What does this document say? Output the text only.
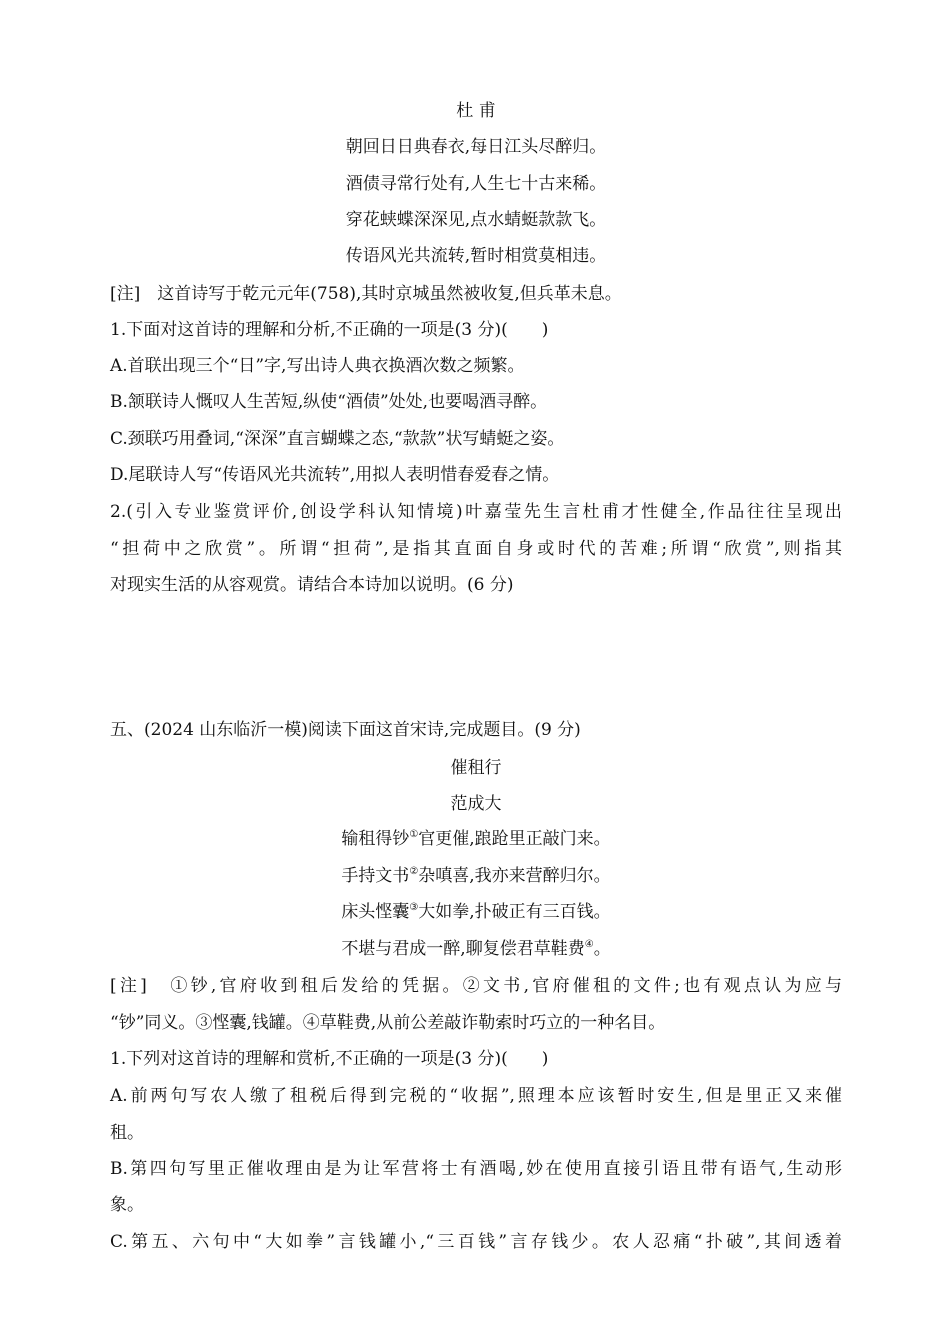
杜 甫
朝回日日典春衣,每日江头尽醉归。
酒债寻常行处有,人生七十古来稀。
穿花蛱蝶深深见,点水蜻蜓款款飞。
传语风光共流转,暂时相赏莫相违。
[注]　这首诗写于乾元元年(758),其时京城虽然被收复,但兵革未息。
1.下面对这首诗的理解和分析,不正确的一项是(3 分)(　　)
A.首联出现三个“日”字,写出诗人典衣换酒次数之频繁。
B.颔联诗人慨叹人生苦短,纵使“酒债”处处,也要喝酒寻醉。
C.颈联巧用叠词,“深深”直言蝴蝶之态,“款款”状写蜻蜓之姿。
D.尾联诗人写“传语风光共流转”,用拟人表明惜春爱春之情。
2.(引入专业鉴赏评价,创设学科认知情境)叶嘉莹先生言杜甫才性健全,作品往往呈现出
“担荷中之欣赏”。所谓“担荷”,是指其直面自身或时代的苦难;所谓“欣赏”,则指其
对现实生活的从容观赏。请结合本诗加以说明。(6 分)
五、(2024 山东临沂一模)阅读下面这首宋诗,完成题目。(9 分)
催租行
范成大
输租得钞①官更催,踉跄里正敲门来。
手持文书②杂嗔喜,我亦来营醉归尔。
床头悭囊③大如拳,扑破正有三百钱。
不堪与君成一醉,聊复偿君草鞋费④。
[注]　①钞,官府收到租后发给的凭据。②文书,官府催租的文件;也有观点认为应与
“钞”同义。③悭囊,钱罐。④草鞋费,从前公差敲诈勒索时巧立的一种名目。
1.下列对这首诗的理解和赏析,不正确的一项是(3 分)(　　)
A.前两句写农人缴了租税后得到完税的“收据”,照理本应该暂时安生,但是里正又来催
租。
B.第四句写里正催收理由是为让军营将士有酒喝,妙在使用直接引语且带有语气,生动形
象。
C.第五、六句中“大如拳”言钱罐小,“三百钱”言存钱少。农人忍痛“扑破”,其间透着
